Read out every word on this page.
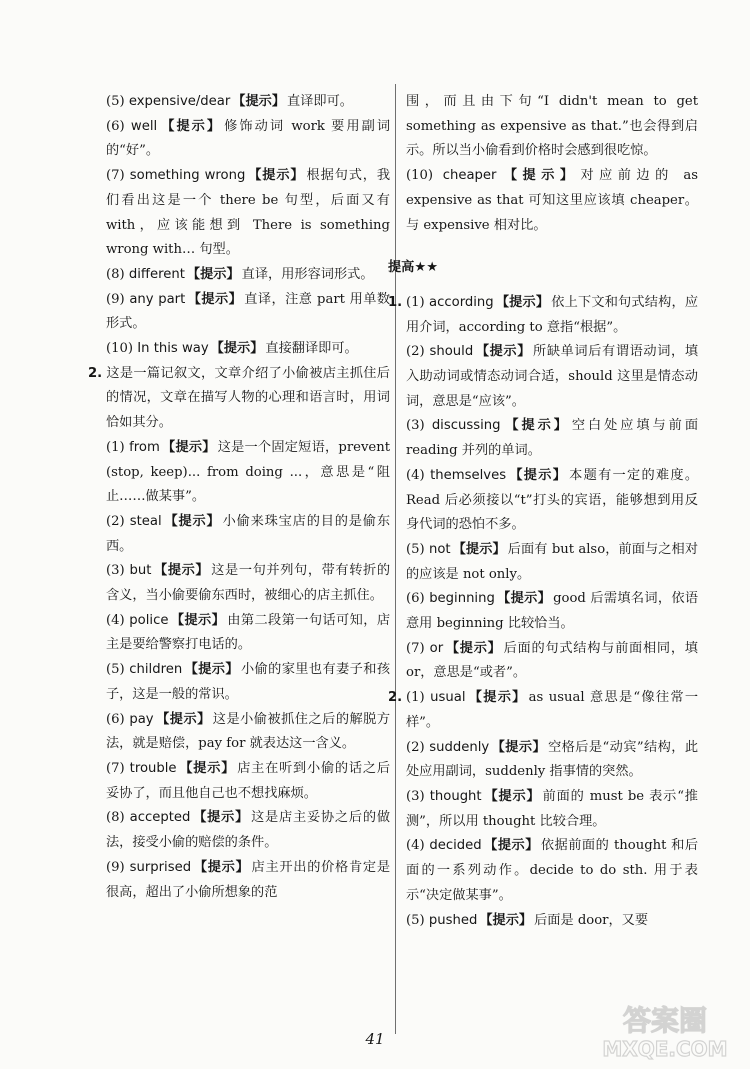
(5) expensive/dear 【提示】 直译即可。

(6) well 【提示】 修饰动词 work 要用副词的“好”。

(7) something wrong 【提示】 根据句式，我们看出这是一个 there be 句型，后面又有 with，应该能想到 There is something wrong with… 句型。

(8) different 【提示】 直译，用形容词形式。

(9) any part 【提示】 直译，注意 part 用单数形式。

(10) In this way 【提示】 直接翻译即可。

2. 这是一篇记叙文，文章介绍了小偷被店主抓住后的情况，文章在描写人物的心理和语言时，用词恰如其分。

(1) from 【提示】 这是一个固定短语，prevent (stop, keep)... from doing ...，意思是“阻止……做某事”。

(2) steal 【提示】 小偷来珠宝店的目的是偷东西。

(3) but 【提示】 这是一句并列句，带有转折的含义，当小偷要偷东西时，被细心的店主抓住。

(4) police 【提示】 由第二段第一句话可知，店主是要给警察打电话的。

(5) children 【提示】 小偷的家里也有妻子和孩子，这是一般的常识。

(6) pay 【提示】 这是小偷被抓住之后的解脱方法，就是赔偿，pay for 就表达这一含义。

(7) trouble 【提示】 店主在听到小偷的话之后妥协了，而且他自己也不想找麻烦。

(8) accepted 【提示】 这是店主妥协之后的做法，接受小偷的赔偿的条件。

(9) surprised 【提示】 店主开出的价格肯定是很高，超出了小偷所想象的范

围，而且由下句“I didn't mean to get something as expensive as that.”也会得到启示。所以当小偷看到价格时会感到很吃惊。

(10) cheaper 【提示】 对应前边的 as expensive as that 可知这里应该填 cheaper。与 expensive 相对比。

提高★★

1. (1) according 【提示】 依上下文和句式结构，应用介词，according to 意指“根据”。

(2) should 【提示】 所缺单词后有谓语动词，填入助动词或情态动词合适，should 这里是情态动词，意思是“应该”。

(3) discussing 【提示】 空白处应填与前面 reading 并列的单词。

(4) themselves 【提示】 本题有一定的难度。Read 后必须接以“t”打头的宾语，能够想到用反身代词的恐怕不多。

(5) not 【提示】 后面有 but also，前面与之相对的应该是 not only。

(6) beginning 【提示】 good 后需填名词，依语意用 beginning 比较恰当。

(7) or 【提示】 后面的句式结构与前面相同，填 or，意思是“或者”。

2. (1) usual 【提示】 as usual 意思是“像往常一样”。

(2) suddenly 【提示】 空格后是“动宾”结构，此处应用副词，suddenly 指事情的突然。

(3) thought 【提示】 前面的 must be 表示“推测”，所以用 thought 比较合理。

(4) decided 【提示】 依据前面的 thought 和后面的一系列动作。decide to do sth. 用于表示“决定做某事”。

(5) pushed 【提示】 后面是 door，又要

41
答案圈
MXQE.COM
